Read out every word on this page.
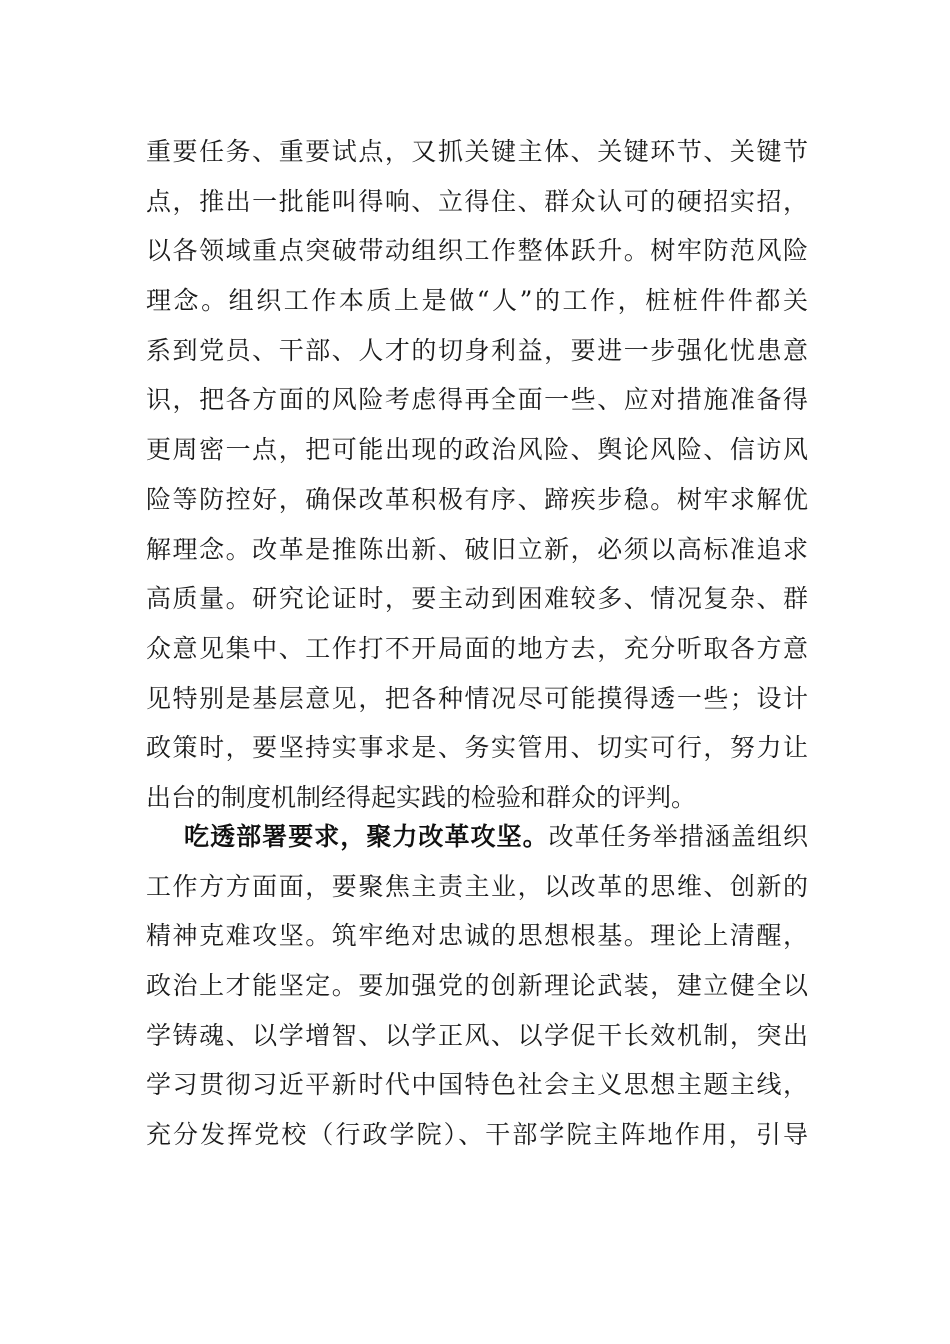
重要任务、重要试点，又抓关键主体、关键环节、关键节
点，推出一批能叫得响、立得住、群众认可的硬招实招，
以各领域重点突破带动组织工作整体跃升。树牢防范风险
理念。组织工作本质上是做“人”的工作，桩桩件件都关
系到党员、干部、人才的切身利益，要进一步强化忧患意
识，把各方面的风险考虑得再全面一些、应对措施准备得
更周密一点，把可能出现的政治风险、舆论风险、信访风
险等防控好，确保改革积极有序、蹄疾步稳。树牢求解优
解理念。改革是推陈出新、破旧立新，必须以高标准追求
高质量。研究论证时，要主动到困难较多、情况复杂、群
众意见集中、工作打不开局面的地方去，充分听取各方意
见特别是基层意见，把各种情况尽可能摸得透一些；设计
政策时，要坚持实事求是、务实管用、切实可行，努力让
出台的制度机制经得起实践的检验和群众的评判。
吃透部署要求，聚力改革攻坚。改革任务举措涵盖组织
工作方方面面，要聚焦主责主业，以改革的思维、创新的
精神克难攻坚。筑牢绝对忠诚的思想根基。理论上清醒，
政治上才能坚定。要加强党的创新理论武装，建立健全以
学铸魂、以学增智、以学正风、以学促干长效机制，突出
学习贯彻习近平新时代中国特色社会主义思想主题主线，
充分发挥党校（行政学院）、干部学院主阵地作用，引导
